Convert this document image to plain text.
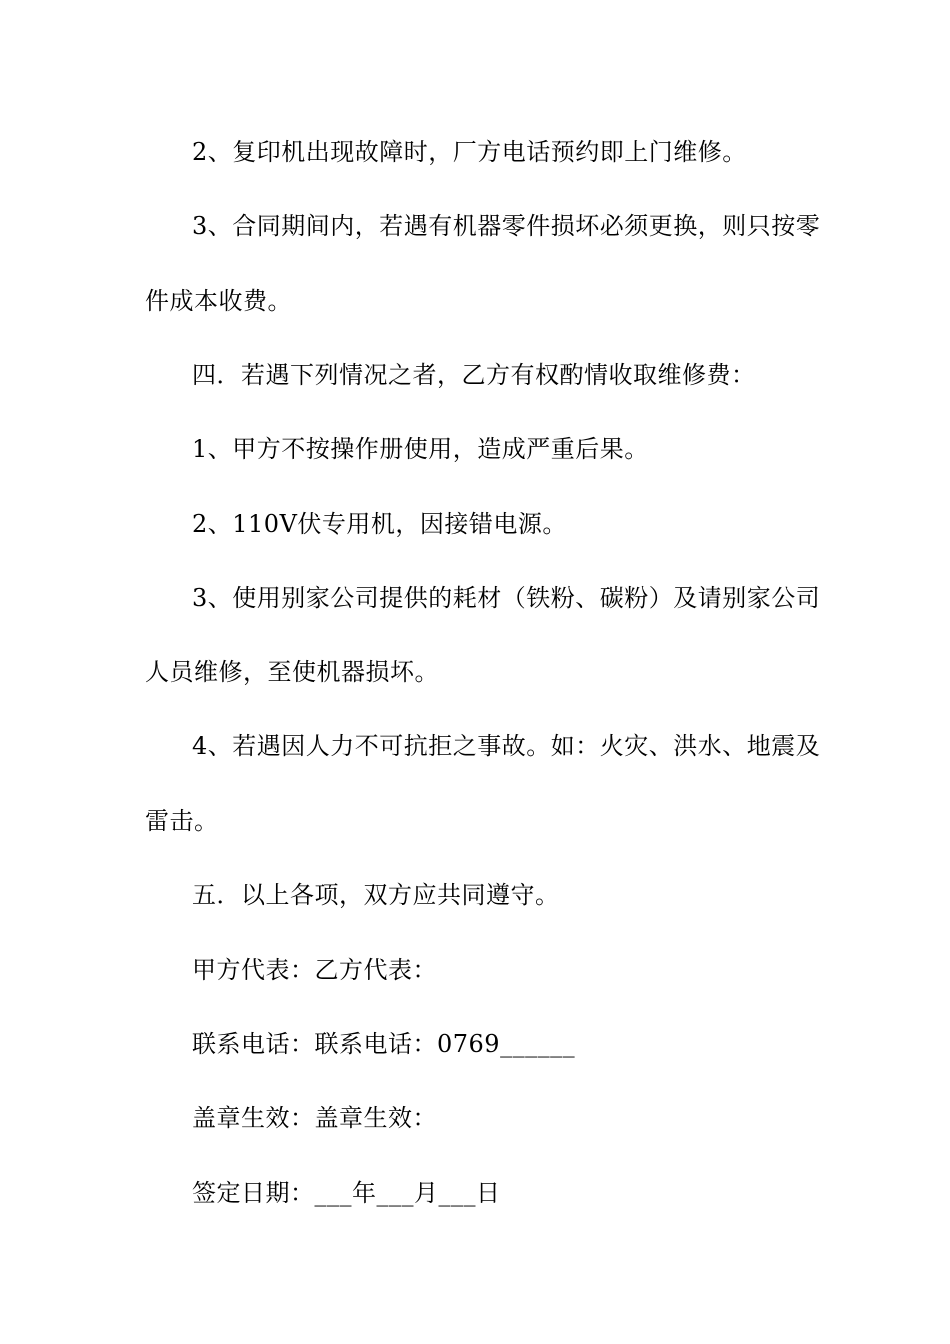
2、复印机出现故障时，厂方电话预约即上门维修。
3、合同期间内，若遇有机器零件损坏必须更换，则只按零
件成本收费。
四．若遇下列情况之者，乙方有权酌情收取维修费：
1、甲方不按操作册使用，造成严重后果。
2、110V伏专用机，因接错电源。
3、使用别家公司提供的耗材（铁粉、碳粉）及请别家公司
人员维修，至使机器损坏。
4、若遇因人力不可抗拒之事故。如：火灾、洪水、地震及
雷击。
五．以上各项，双方应共同遵守。
甲方代表：乙方代表：
联系电话：联系电话：0769______
盖章生效：盖章生效：
签定日期：___年___月___日
